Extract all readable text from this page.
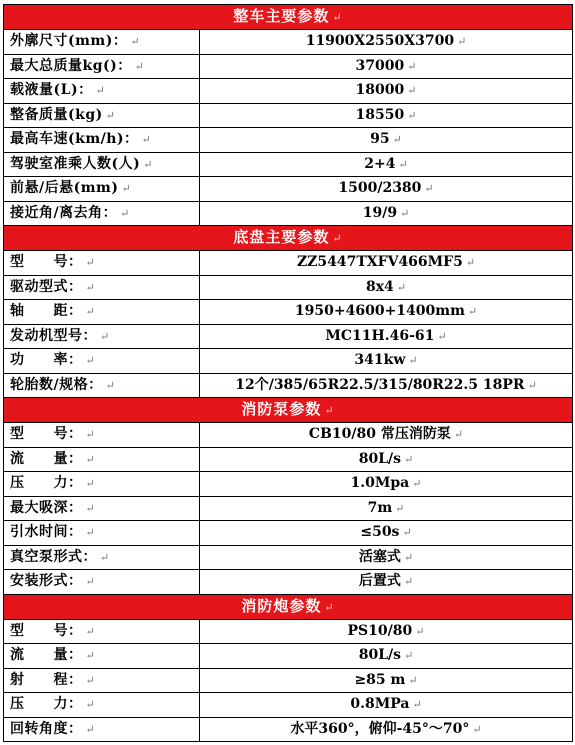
整车主要参数 ↵	
外廓尺寸(mm)： ↵	11900X2550X3700 ↵
最大总质量kg()： ↵	37000 ↵
载液量(L)： ↵	18000 ↵
整备质量(kg) ↵	18550 ↵
最高车速(km/h)： ↵	95 ↵
驾驶室准乘人数(人) ↵	2+4 ↵
前悬/后悬(mm) ↵	1500/2380 ↵
接近角/离去角： ↵	19/9 ↵
底盘主要参数 ↵	
型　　号： ↵	ZZ5447TXFV466MF5 ↵
驱动型式： ↵	8x4 ↵
轴　　距： ↵	1950+4600+1400mm ↵
发动机型号： ↵	MC11H.46-61 ↵
功　　率： ↵	341kw ↵
轮胎数/规格： ↵	12个/385/65R22.5/315/80R22.5 18PR ↵
消防泵参数 ↵	
型　　号： ↵	CB10/80 常压消防泵 ↵
流　　量： ↵	80L/s ↵
压　　力： ↵	1.0Mpa ↵
最大吸深： ↵	7m ↵
引水时间： ↵	≤50s ↵
真空泵形式： ↵	活塞式 ↵
安装形式： ↵	后置式 ↵
消防炮参数 ↵	
型　　号： ↵	PS10/80 ↵
流　　量： ↵	80L/s ↵
射　　程： ↵	≥85 m ↵
压　　力： ↵	0.8MPa ↵
回转角度： ↵	水平360°，俯仰-45°～70° ↵
